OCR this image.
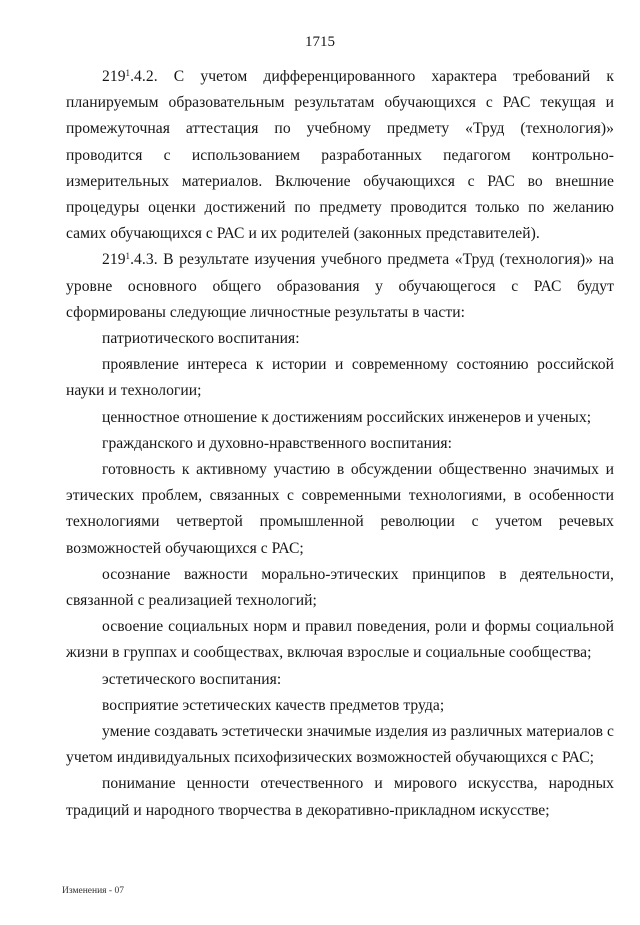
1715

$219^1.4.2$. С учетом дифференцированного характера требований к планируемым образовательным результатам обучающихся с РАС текущая и промежуточная аттестация по учебному предмету «Труд (технология)» проводится с использованием разработанных педагогом контрольно-измерительных материалов. Включение обучающихся с РАС во внешние процедуры оценки достижений по предмету проводится только по желанию самих обучающихся с РАС и их родителей (законных представителей).

$219^1.4.3$. В результате изучения учебного предмета «Труд (технология)» на уровне основного общего образования у обучающегося с РАС будут сформированы следующие личностные результаты в части:

патриотического воспитания:

проявление интереса к истории и современному состоянию российской науки и технологии;

ценностное отношение к достижениям российских инженеров и ученых;

гражданского и духовно-нравственного воспитания:

готовность к активному участию в обсуждении общественно значимых и этических проблем, связанных с современными технологиями, в особенности технологиями четвертой промышленной революции с учетом речевых возможностей обучающихся с РАС;

осознание важности морально-этических принципов в деятельности, связанной с реализацией технологий;

освоение социальных норм и правил поведения, роли и формы социальной жизни в группах и сообществах, включая взрослые и социальные сообщества;

эстетического воспитания:

восприятие эстетических качеств предметов труда;

умение создавать эстетически значимые изделия из различных материалов с учетом индивидуальных психофизических возможностей обучающихся с РАС;

понимание ценности отечественного и мирового искусства, народных традиций и народного творчества в декоративно-прикладном искусстве;

Изменения - 07
